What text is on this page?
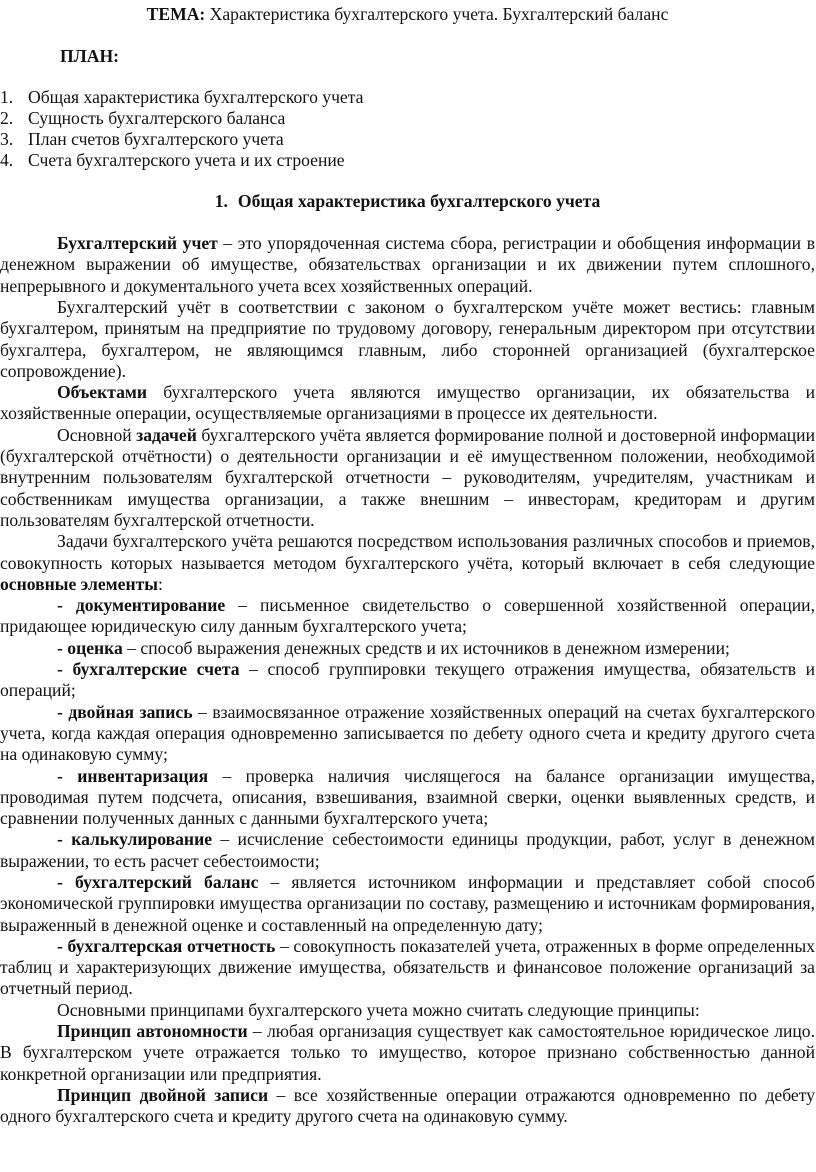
ТЕМА: Характеристика бухгалтерского учета. Бухгалтерский баланс

ПЛАН:
1. Общая характеристика бухгалтерского учета
2. Сущность бухгалтерского баланса
3. План счетов бухгалтерского учета
4. Счета бухгалтерского учета и их строение
1. Общая характеристика бухгалтерского учета

Бухгалтерский учет – это упорядоченная система сбора, регистрации и обобщения информации в денежном выражении об имуществе, обязательствах организации и их движении путем сплошного, непрерывного и документального учета всех хозяйственных операций.

Бухгалтерский учёт в соответствии с законом о бухгалтерском учёте может вестись: главным бухгалтером, принятым на предприятие по трудовому договору, генеральным директором при отсутствии бухгалтера, бухгалтером, не являющимся главным, либо сторонней организацией (бухгалтерское сопровождение).

Объектами бухгалтерского учета являются имущество организации, их обязательства и хозяйственные операции, осуществляемые организациями в процессе их деятельности.

Основной задачей бухгалтерского учёта является формирование полной и достоверной информации (бухгалтерской отчётности) о деятельности организации и её имущественном положении, необходимой внутренним пользователям бухгалтерской отчетности – руководителям, учредителям, участникам и собственникам имущества организации, а также внешним – инвесторам, кредиторам и другим пользователям бухгалтерской отчетности.

Задачи бухгалтерского учёта решаются посредством использования различных способов и приемов, совокупность которых называется методом бухгалтерского учёта, который включает в себя следующие основные элементы:

- документирование – письменное свидетельство о совершенной хозяйственной операции, придающее юридическую силу данным бухгалтерского учета;

- оценка – способ выражения денежных средств и их источников в денежном измерении;

- бухгалтерские счета – способ группировки текущего отражения имущества, обязательств и операций;

- двойная запись – взаимосвязанное отражение хозяйственных операций на счетах бухгалтерского учета, когда каждая операция одновременно записывается по дебету одного счета и кредиту другого счета на одинаковую сумму;

- инвентаризация – проверка наличия числящегося на балансе организации имущества, проводимая путем подсчета, описания, взвешивания, взаимной сверки, оценки выявленных средств, и сравнении полученных данных с данными бухгалтерского учета;

- калькулирование – исчисление себестоимости единицы продукции, работ, услуг в денежном выражении, то есть расчет себестоимости;

- бухгалтерский баланс – является источником информации и представляет собой способ экономической группировки имущества организации по составу, размещению и источникам формирования, выраженный в денежной оценке и составленный на определенную дату;

- бухгалтерская отчетность – совокупность показателей учета, отраженных в форме определенных таблиц и характеризующих движение имущества, обязательств и финансовое положение организаций за отчетный период.

Основными принципами бухгалтерского учета можно считать следующие принципы:

Принцип автономности – любая организация существует как самостоятельное юридическое лицо. В бухгалтерском учете отражается только то имущество, которое признано собственностью данной конкретной организации или предприятия.

Принцип двойной записи – все хозяйственные операции отражаются одновременно по дебету одного бухгалтерского счета и кредиту другого счета на одинаковую сумму.
